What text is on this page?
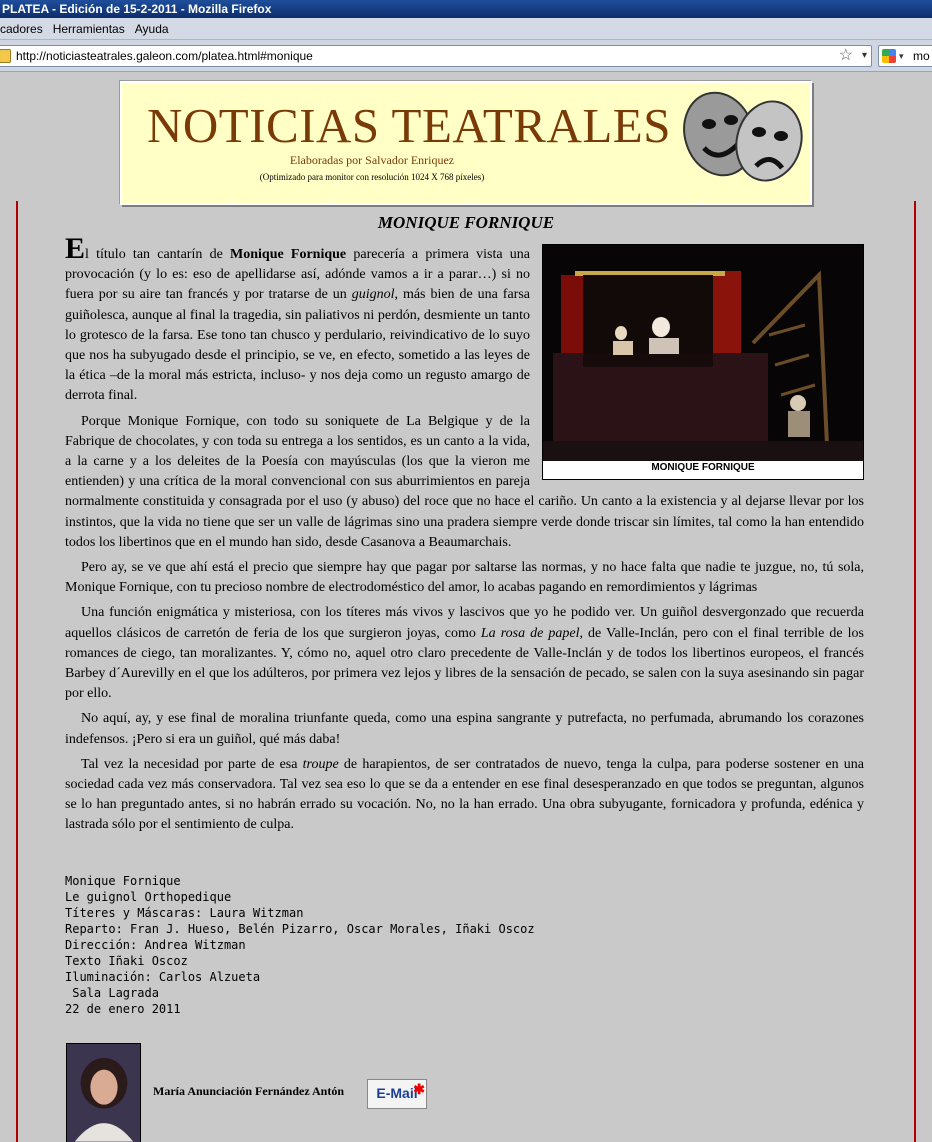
PLATEA - Edición de 15-2-2011 - Mozilla Firefox
cadores Herramientas Ayuda
http://noticiasteatrales.galeon.com/platea.html#monique	☆ ▾	▾ mo
NOTICIAS TEATRALES
Elaboradas por Salvador Enriquez
(Optimizado para monitor con resolución 1024 X 768 píxeles)
MONIQUE FORNIQUE
MONIQUE FORNIQUE

El título tan cantarín de Monique Fornique parecería a primera vista una provocación (y lo es: eso de apellidarse así, adónde vamos a ir a parar…) si no fuera por su aire tan francés y por tratarse de un guignol, más bien de una farsa guiñolesca, aunque al final la tragedia, sin paliativos ni perdón, desmiente un tanto lo grotesco de la farsa. Ese tono tan chusco y perdulario, reivindicativo de lo suyo que nos ha subyugado desde el principio, se ve, en efecto, sometido a las leyes de la ética –de la moral más estricta, incluso- y nos deja como un regusto amargo de derrota final.

Porque Monique Fornique, con todo su soniquete de La Belgique y de la Fabrique de chocolates, y con toda su entrega a los sentidos, es un canto a la vida, a la carne y a los deleites de la Poesía con mayúsculas (los que la vieron me entienden) y una crítica de la moral convencional con sus aburrimientos en pareja normalmente constituida y consagrada por el uso (y abuso) del roce que no hace el cariño. Un canto a la existencia y al dejarse llevar por los instintos, que la vida no tiene que ser un valle de lágrimas sino una pradera siempre verde donde triscar sin límites, tal como la han entendido todos los libertinos que en el mundo han sido, desde Casanova a Beaumarchais.

Pero ay, se ve que ahí está el precio que siempre hay que pagar por saltarse las normas, y no hace falta que nadie te juzgue, no, tú sola, Monique Fornique, con tu precioso nombre de electrodoméstico del amor, lo acabas pagando en remordimientos y lágrimas

Una función enigmática y misteriosa, con los títeres más vivos y lascivos que yo he podido ver. Un guiñol desvergonzado que recuerda aquellos clásicos de carretón de feria de los que surgieron joyas, como La rosa de papel, de Valle-Inclán, pero con el final terrible de los romances de ciego, tan moralizantes. Y, cómo no, aquel otro claro precedente de Valle-Inclán y de todos los libertinos europeos, el francés Barbey d´Aurevilly en el que los adúlteros, por primera vez lejos y libres de la sensación de pecado, se salen con la suya asesinando sin pagar por ello.

No aquí, ay, y ese final de moralina triunfante queda, como una espina sangrante y putrefacta, no perfumada, abrumando los corazones indefensos. ¡Pero si era un guiñol, qué más daba!

Tal vez la necesidad por parte de esa troupe de harapientos, de ser contratados de nuevo, tenga la culpa, para poderse sostener en una sociedad cada vez más conservadora. Tal vez sea eso lo que se da a entender en ese final desesperanzado en que todos se preguntan, algunos se lo han preguntado antes, si no habrán errado su vocación. No, no la han errado. Una obra subyugante, fornicadora y profunda, edénica y lastrada sólo por el sentimiento de culpa.

Monique Fornique
Le guignol Orthopedique
Títeres y Máscaras: Laura Witzman
Reparto: Fran J. Hueso, Belén Pizarro, Oscar Morales, Iñaki Oscoz
Dirección: Andrea Witzman
Texto Iñaki Oscoz
Iluminación: Carlos Alzueta
Sala Lagrada
22 de enero 2011
María Anunciación Fernández Antón	E-Mail
✱
